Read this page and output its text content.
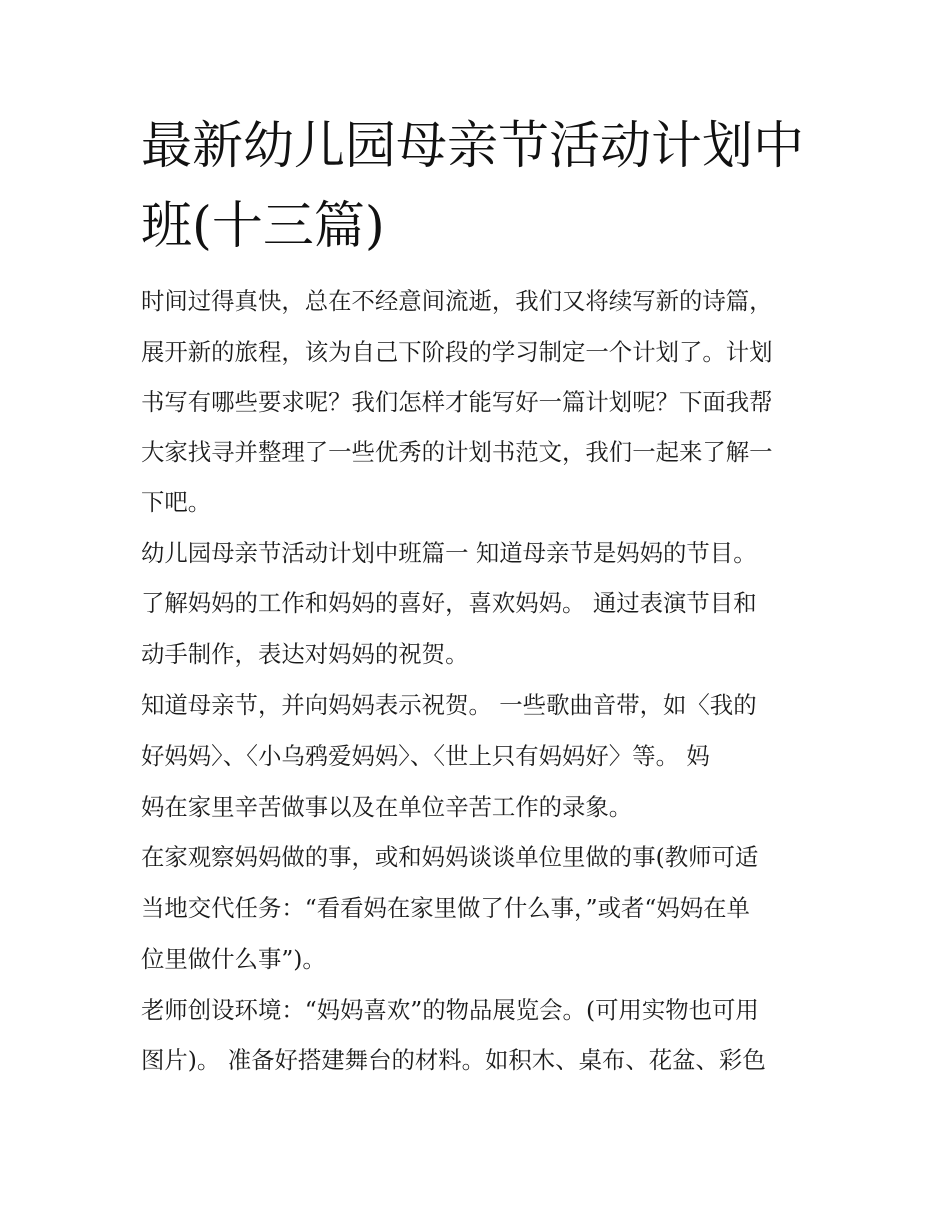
最新幼儿园母亲节活动计划中
班(十三篇)

时间过得真快，总在不经意间流逝，我们又将续写新的诗篇，

展开新的旅程，该为自己下阶段的学习制定一个计划了。计划

书写有哪些要求呢？我们怎样才能写好一篇计划呢？下面我帮

大家找寻并整理了一些优秀的计划书范文，我们一起来了解一

下吧。

幼儿园母亲节活动计划中班篇一 知道母亲节是妈妈的节目。

了解妈妈的工作和妈妈的喜好，喜欢妈妈。 通过表演节目和

动手制作，表达对妈妈的祝贺。

知道母亲节，并向妈妈表示祝贺。 一些歌曲音带，如〈我的

好妈妈〉、〈小乌鸦爱妈妈〉、〈世上只有妈妈好〉等。 妈

妈在家里辛苦做事以及在单位辛苦工作的录象。

在家观察妈妈做的事，或和妈妈谈谈单位里做的事(教师可适

当地交代任务：“看看妈在家里做了什么事，”或者“妈妈在单

位里做什么事”)。

老师创设环境：“妈妈喜欢”的物品展览会。(可用实物也可用

图片)。 准备好搭建舞台的材料。如积木、桌布、花盆、彩色
